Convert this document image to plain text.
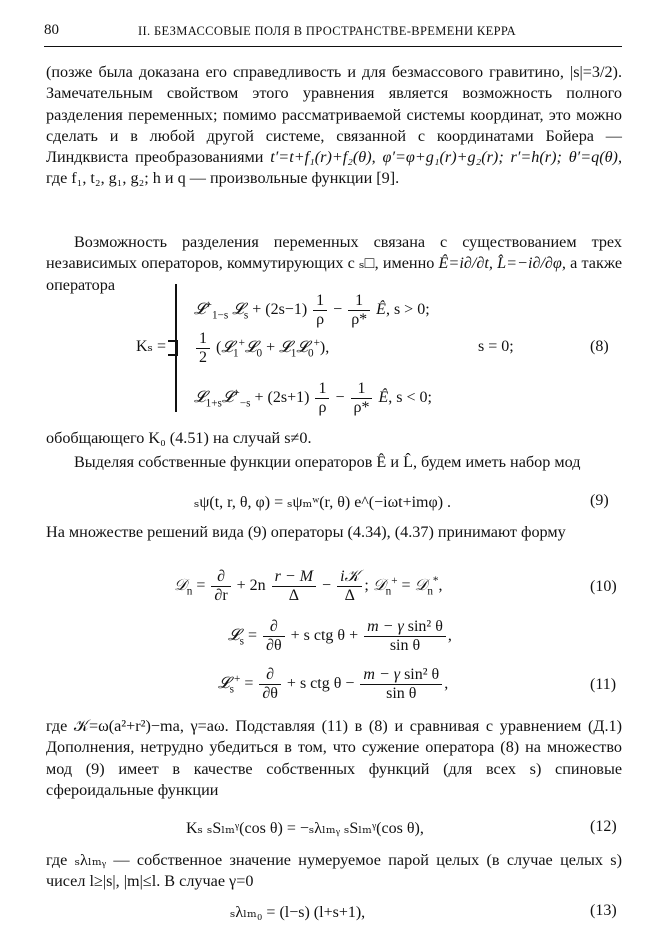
80	II. БЕЗМАССОВЫЕ ПОЛЯ В ПРОСТРАНСТВЕ-ВРЕМЕНИ КЕРРА
(позже была доказана его справедливость и для безмассового гравитино, |s|=3/2). Замечательным свойством этого уравнения является возможность полного разделения переменных; помимо рассматриваемой системы координат, это можно сделать и в любой другой системе, связанной с координатами Бойера — Линдквиста преобразованиями t′=t+f₁(r)+f₂(θ), φ′=φ+g₁(r)+g₂(r); r′=h(r); θ′=q(θ), где f₁, t₂, g₁, g₂; h и q — произвольные функции [9].
Возможность разделения переменных связана с существованием трех независимых операторов, коммутирующих с ₛ□, именно Ê=i∂/∂t, L̂=−i∂/∂φ, а также оператора
Kₛ =
𝓛+$_{1-s}$ 𝓛$_s$ + $(2s-1) \frac{1}{\rho} - \frac{1}{\rho*}$ Ê, s > 0;
$\frac{1}{2}$ (𝓛$_1$+𝓛$_0$ + 𝓛$_1$𝓛$_0$+),	s = 0;
𝓛$_{1+s}$𝓛+$_{-s}$ + $(2s+1) \frac{1}{\rho} - \frac{1}{\rho*}$ Ê, s < 0;
(8)
обобщающего K₀ (4.51) на случай s≠0.
Выделяя собственные функции операторов Ê и L̂, будем иметь набор мод
ₛψ(t, r, θ, φ) = ₛψₘʷ(r, θ) e^(−iωt+imφ) .	(9)
На множестве решений вида (9) операторы (4.34), (4.37) принимают форму
𝒟$_n$ = $\frac{\partial}{\partial r} + 2n \frac{r - M}{\Delta} - \frac{\text{i𝒦}}{\Delta}$ ; 𝒟$_n$+ = 𝒟$_n$*,	(10)
𝓛$_s$ = $\frac{\partial}{\partial\theta} + s$ ctg $\theta + \frac{\text{m − γ sin² θ}}{\text{sin θ}}$ ,
𝓛$_s$+ = $\frac{\partial}{\partial\theta} + s$ ctg $\theta - \frac{\text{m − γ sin² θ}}{\text{sin θ}}$ ,	(11)
где 𝒦=ω(a²+r²)−ma, γ=aω. Подставляя (11) в (8) и сравнивая с уравнением (Д.1) Дополнения, нетрудно убедиться в том, что сужение оператора (8) на множество мод (9) имеет в качестве собственных функций (для всех s) спиновые сфероидальные функции
Kₛ ₛSₗₘᵞ(cos θ) = −ₛλₗₘᵧ ₛSₗₘᵞ(cos θ),	(12)
где ₛλₗₘᵧ — собственное значение нумеруемое парой целых (в случае целых s) чисел l≥|s|, |m|≤l. В случае γ=0
ₛλₗₘ₀ = (l−s) (l+s+1),	(13)
